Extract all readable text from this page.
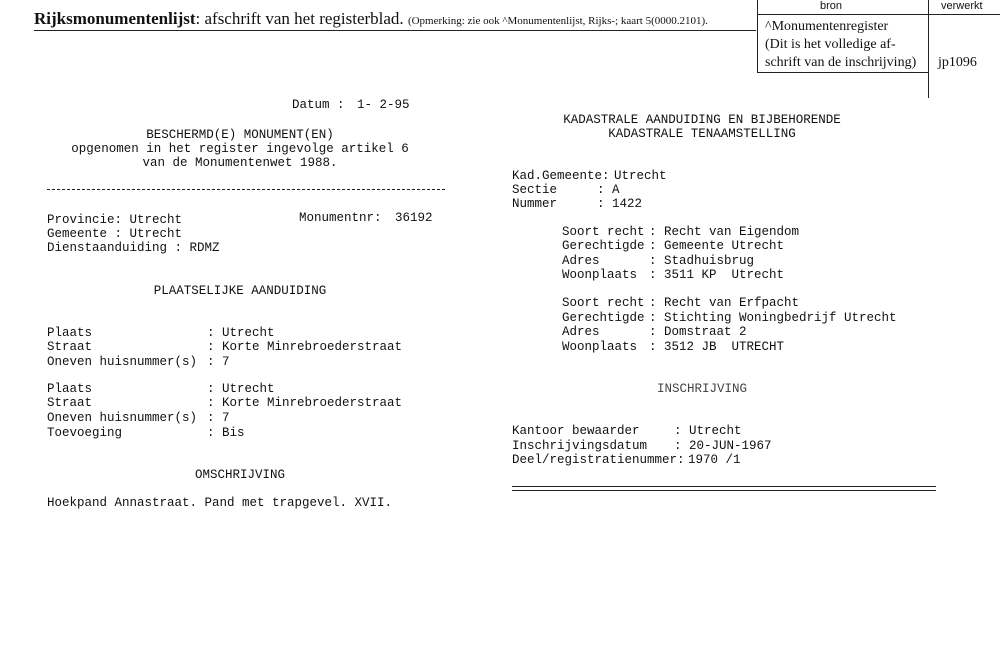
Rijksmonumentenlijst: afschrift van het registerblad. (Opmerking: zie ook ^Monumentenlijst, Rijks-; kaart 5(0000.2101).
bron	verwerkt
^Monumentenregister
(Dit is het volledige af-
schrift van de inschrijving) jp1096
Datum : 1- 2-95
BESCHERMD(E) MONUMENT(EN)
opgenomen in het register ingevolge artikel 6
van de Monumentenwet 1988.
Provincie: Utrecht	Monumentnr: 36192
Gemeente : Utrecht
Dienstaanduiding : RDMZ
PLAATSELIJKE AANDUIDING
Plaats	: Utrecht
Straat	: Korte Minrebroederstraat
Oneven huisnummer(s) : 7
Plaats	: Utrecht
Straat	: Korte Minrebroederstraat
Oneven huisnummer(s) : 7
Toevoeging	: Bis
OMSCHRIJVING
Hoekpand Annastraat. Pand met trapgevel. XVII.
KADASTRALE AANDUIDING EN BIJBEHORENDE
KADASTRALE TENAAMSTELLING
Kad.Gemeente: Utrecht
Sectie	: A
Nummer	: 1422
Soort recht : Recht van Eigendom
Gerechtigde : Gemeente Utrecht
Adres	: Stadhuisbrug
Woonplaats : 3511 KP  Utrecht
Soort recht : Recht van Erfpacht
Gerechtigde : Stichting Woningbedrijf Utrecht
Adres	: Domstraat 2
Woonplaats : 3512 JB  UTRECHT
INSCHRIJVING
Kantoor bewaarder	: Utrecht
Inschrijvingsdatum : 20-JUN-1967
Deel/registratienummer: 1970 /1
